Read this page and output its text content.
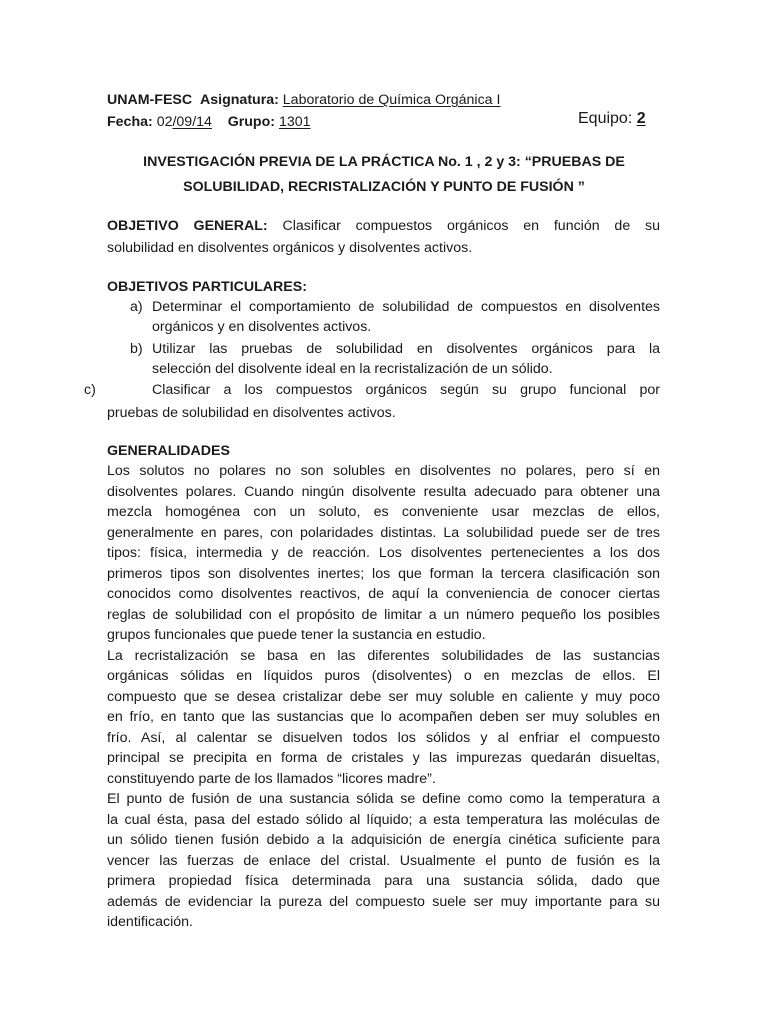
UNAM-FESC Asignatura: Laboratorio de Química Orgánica I
Fecha: 02/09/14 Grupo: 1301	Equipo: 2
INVESTIGACIÓN PREVIA DE LA PRÁCTICA No. 1 , 2 y 3: “PRUEBAS DE
SOLUBILIDAD, RECRISTALIZACIÓN Y PUNTO DE FUSIÓN ”
OBJETIVO GENERAL: Clasificar compuestos orgánicos en función de su
solubilidad en disolventes orgánicos y disolventes activos.
OBJETIVOS PARTICULARES:
a) Determinar el comportamiento de solubilidad de compuestos en disolventes
orgánicos y en disolventes activos.
b) Utilizar las pruebas de solubilidad en disolventes orgánicos para la
selección del disolvente ideal en la recristalización de un sólido.
c)	Clasificar a los compuestos orgánicos según su grupo funcional por
pruebas de solubilidad en disolventes activos.
GENERALIDADES
Los solutos no polares no son solubles en disolventes no polares, pero sí en
disolventes polares. Cuando ningún disolvente resulta adecuado para obtener una
mezcla homogénea con un soluto, es conveniente usar mezclas de ellos,
generalmente en pares, con polaridades distintas. La solubilidad puede ser de tres
tipos: física, intermedia y de reacción. Los disolventes pertenecientes a los dos
primeros tipos son disolventes inertes; los que forman la tercera clasificación son
conocidos como disolventes reactivos, de aquí la conveniencia de conocer ciertas
reglas de solubilidad con el propósito de limitar a un número pequeño los posibles
grupos funcionales que puede tener la sustancia en estudio.
La recristalización se basa en las diferentes solubilidades de las sustancias
orgánicas sólidas en líquidos puros (disolventes) o en mezclas de ellos. El
compuesto que se desea cristalizar debe ser muy soluble en caliente y muy poco
en frío, en tanto que las sustancias que lo acompañen deben ser muy solubles en
frío. Así, al calentar se disuelven todos los sólidos y al enfriar el compuesto
principal se precipita en forma de cristales y las impurezas quedarán disueltas,
constituyendo parte de los llamados “licores madre”.
El punto de fusión de una sustancia sólida se define como como la temperatura a
la cual ésta, pasa del estado sólido al líquido; a esta temperatura las moléculas de
un sólido tienen fusión debido a la adquisición de energía cinética suficiente para
vencer las fuerzas de enlace del cristal. Usualmente el punto de fusión es la
primera propiedad física determinada para una sustancia sólida, dado que
además de evidenciar la pureza del compuesto suele ser muy importante para su
identificación.
